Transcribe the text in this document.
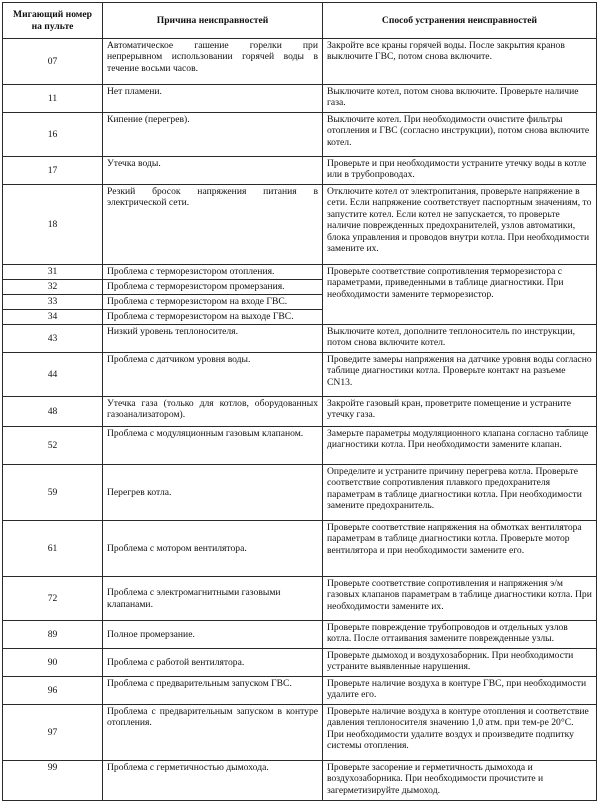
Мигающий номер на пульте	Причина неисправностей	Способ устранения неисправностей
07	Автоматическое гашение горелки при непрерывном использовании горячей воды в течение восьми часов.	Закройте все краны горячей воды. После закрытия кранов выключите ГВС, потом снова включите.
11	Нет пламени.	Выключите котел, потом снова включите. Проверьте наличие газа.
16	Кипение (перегрев).	Выключите котел. При необходимости очистите фильтры отопления и ГВС (согласно инструкции), потом снова включите котел.
17	Утечка воды.	Проверьте и при необходимости устраните утечку воды в котле или в трубопроводах.
18	Резкий бросок напряжения питания в электрической сети.	Отключите котел от электропитания, проверьте напряжение в сети. Если напряжение соответствует паспортным значениям, то запустите котел. Если котел не запускается, то проверьте наличие поврежденных предохранителей, узлов автоматики, блока управления и проводов внутри котла. При необходимости замените их.
31	Проблема с терморезистором отопления.	Проверьте соответствие сопротивления терморезистора с параметрами, приведенными в таблице диагностики. При необходимости замените терморезистор.
32	Проблема с терморезистором промерзания.	
33	Проблема с терморезистором на входе ГВС.	
34	Проблема с терморезистором на выходе ГВС.	
43	Низкий уровень теплоносителя.	Выключите котел, дополните теплоноситель по инструкции, потом снова включите котел.
44	Проблема с датчиком уровня воды.	Проведите замеры напряжения на датчике уровня воды согласно таблице диагностики котла. Проверьте контакт на разъеме CN13.
48	Утечка газа (только для котлов, оборудованных газоанализатором).	Закройте газовый кран, проветрите помещение и устраните утечку газа.
52	Проблема с модуляционным газовым клапаном.	Замерьте параметры модуляционного клапана согласно таблице диагностики котла. При необходимости замените клапан.
59	Перегрев котла.	Определите и устраните причину перегрева котла. Проверьте соответствие сопротивления плавкого предохранителя параметрам в таблице диагностики котла. При необходимости замените предохранитель.
61	Проблема с мотором вентилятора.	Проверьте соответствие напряжения на обмотках вентилятора параметрам в таблице диагностики котла. Проверьте мотор вентилятора и при необходимости замените его.
72	Проблема с электромагнитными газовыми клапанами.	Проверьте соответствие сопротивления и напряжения э/м газовых клапанов параметрам в таблице диагностики котла. При необходимости замените их.
89	Полное промерзание.	Проверьте повреждение трубопроводов и отдельных узлов котла. После оттаивания замените поврежденные узлы.
90	Проблема с работой вентилятора.	Проверьте дымоход и воздухозаборник. При необходимости устраните выявленные нарушения.
96	Проблема с предварительным запуском ГВС.	Проверьте наличие воздуха в контуре ГВС, при необходимости удалите его.
97	Проблема с предварительным запуском в контуре отопления.	Проверьте наличие воздуха в контуре отопления и соответствие давления теплоносителя значению 1,0 атм. при тем-ре 20°С. При необходимости удалите воздух и произведите подпитку системы отопления.
99	Проблема с герметичностью дымохода.	Проверьте засорение и герметичность дымохода и воздухозаборника. При необходимости прочистите и загерметизируйте дымоход.
